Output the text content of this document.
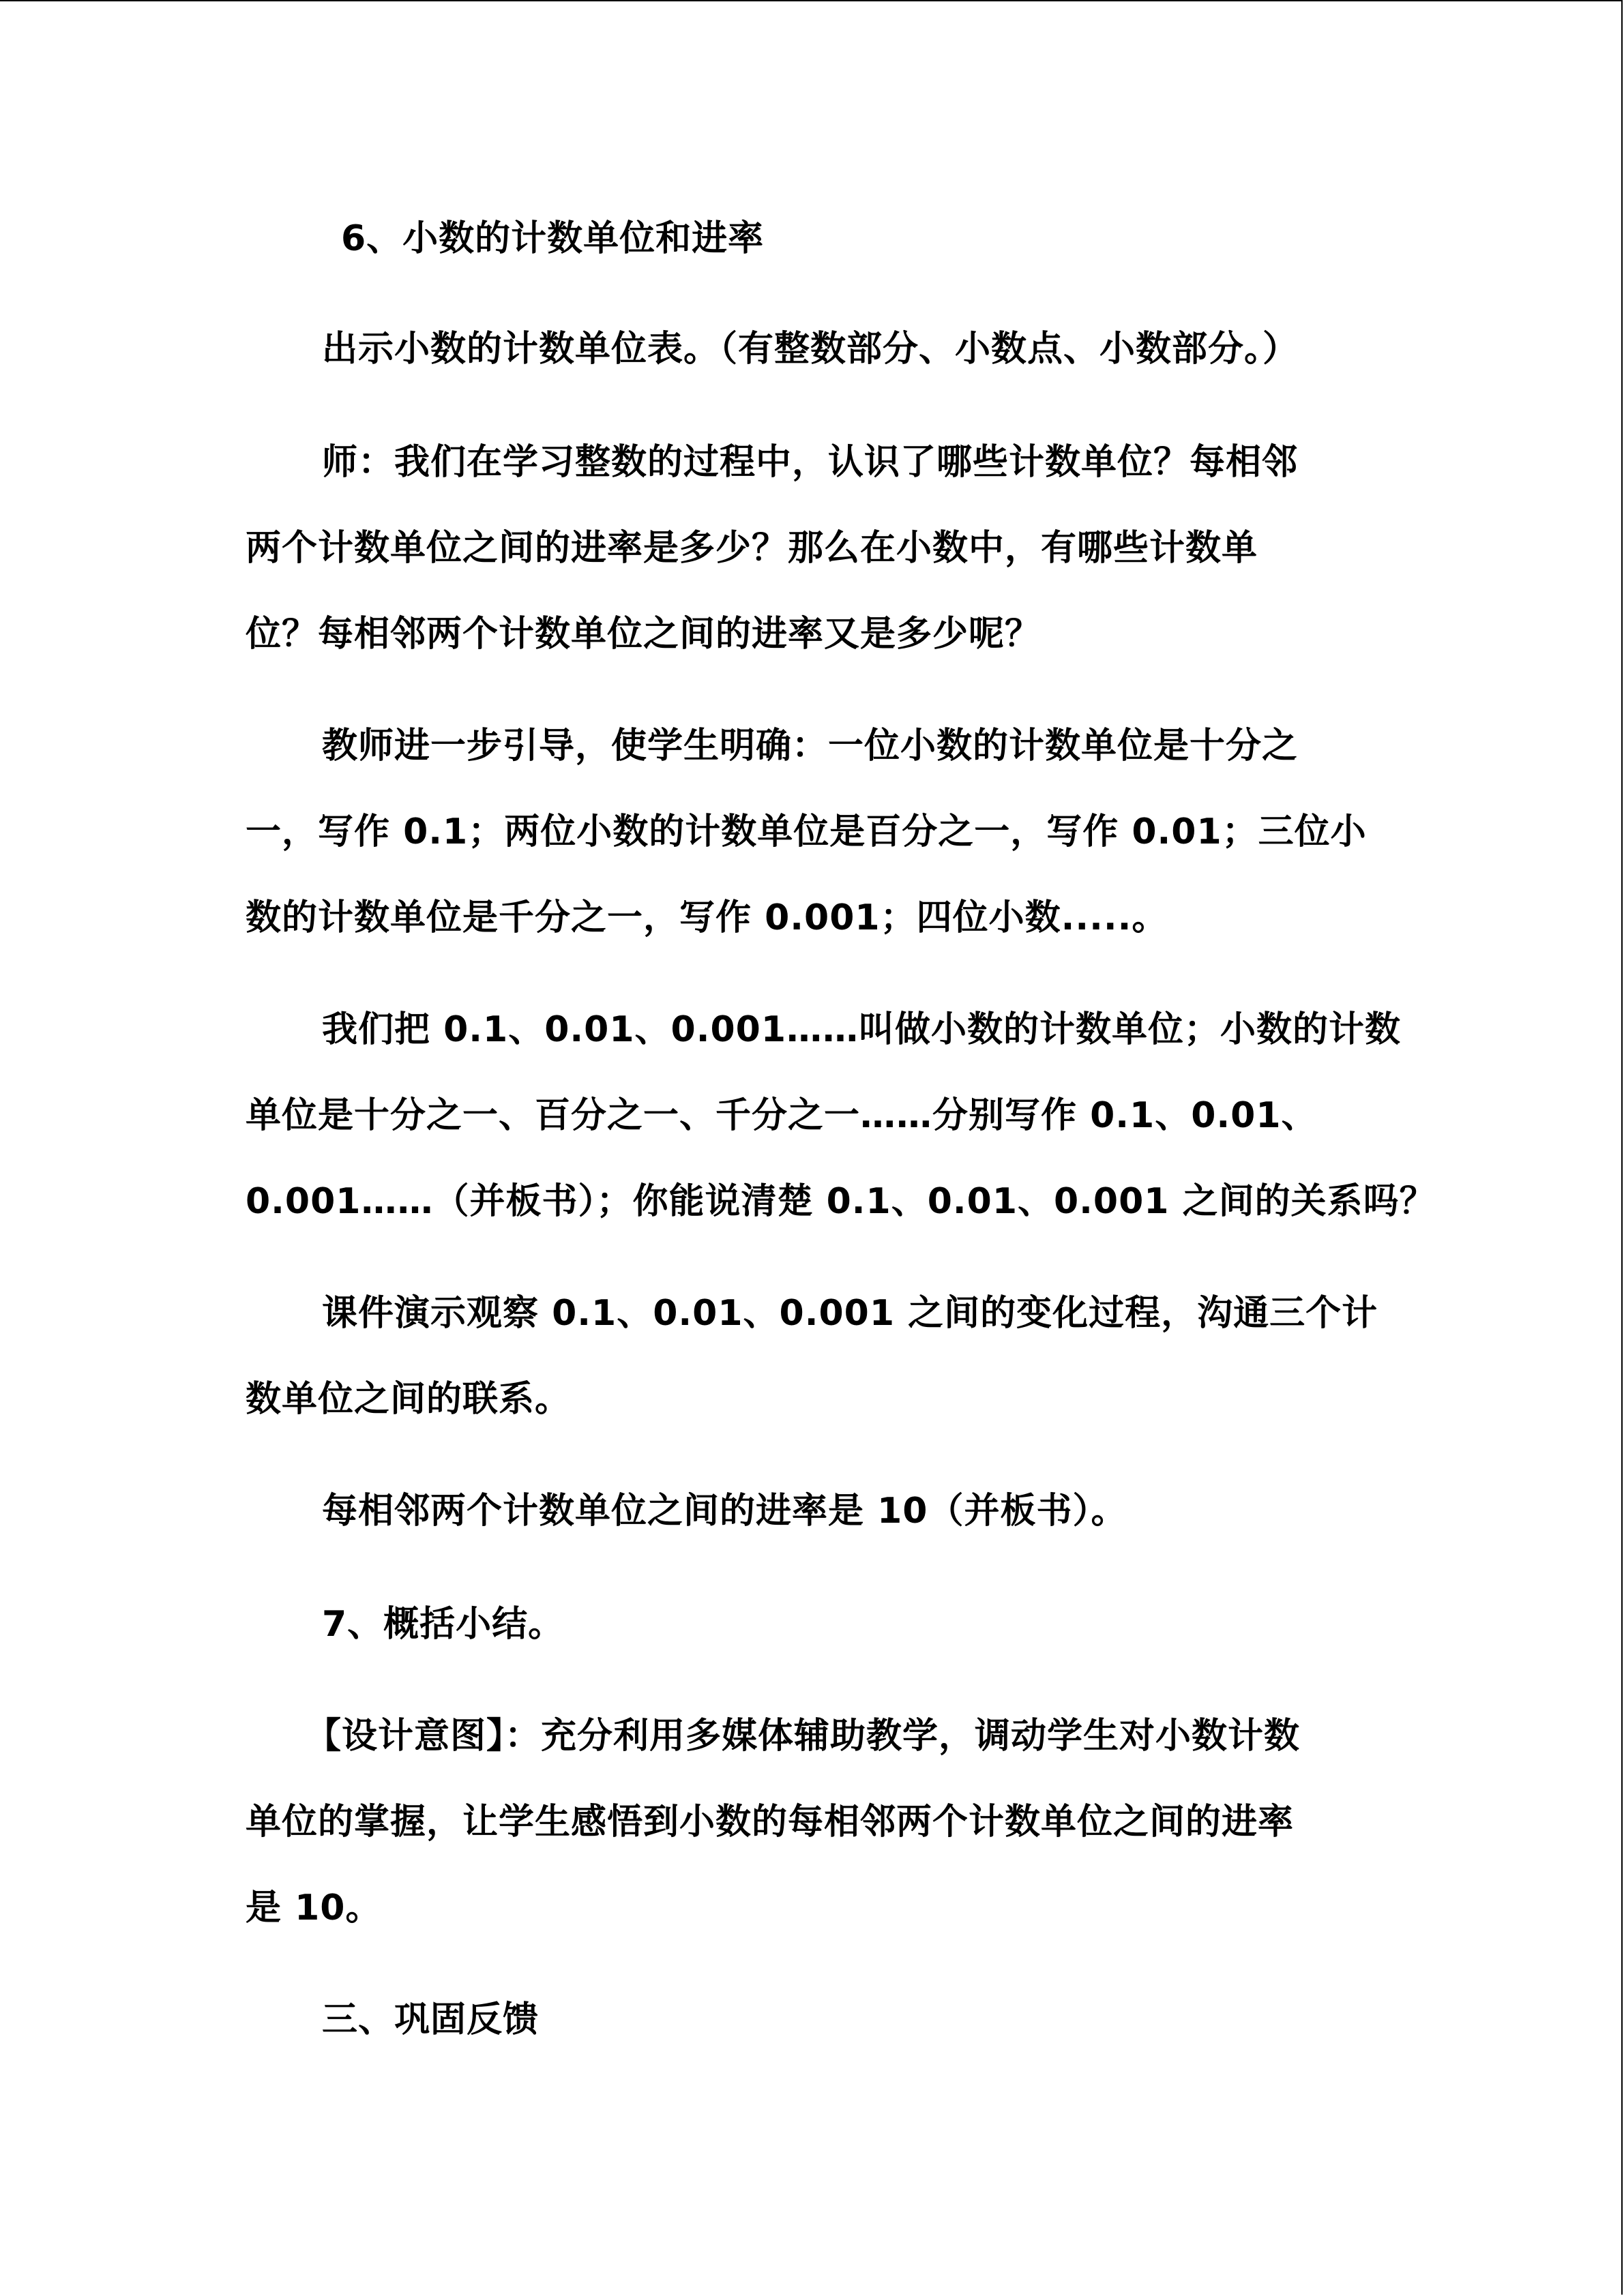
6、小数的计数单位和进率
出示小数的计数单位表。（有整数部分、小数点、小数部分。）
师：我们在学习整数的过程中，认识了哪些计数单位？每相邻
两个计数单位之间的进率是多少？那么在小数中，有哪些计数单
位？每相邻两个计数单位之间的进率又是多少呢？
教师进一步引导，使学生明确：一位小数的计数单位是十分之
一，写作 0.1；两位小数的计数单位是百分之一，写作 0.01；三位小
数的计数单位是千分之一，写作 0.001；四位小数.....。
我们把 0.1、0.01、0.001……叫做小数的计数单位；小数的计数
单位是十分之一、百分之一、千分之一……分别写作 0.1、0.01、
0.001……（并板书）；你能说清楚 0.1、0.01、0.001 之间的关系吗？
课件演示观察 0.1、0.01、0.001 之间的变化过程，沟通三个计
数单位之间的联系。
每相邻两个计数单位之间的进率是 10（并板书）。
7、概括小结。
【设计意图】：充分利用多媒体辅助教学，调动学生对小数计数
单位的掌握，让学生感悟到小数的每相邻两个计数单位之间的进率
是 10。
三、巩固反馈
